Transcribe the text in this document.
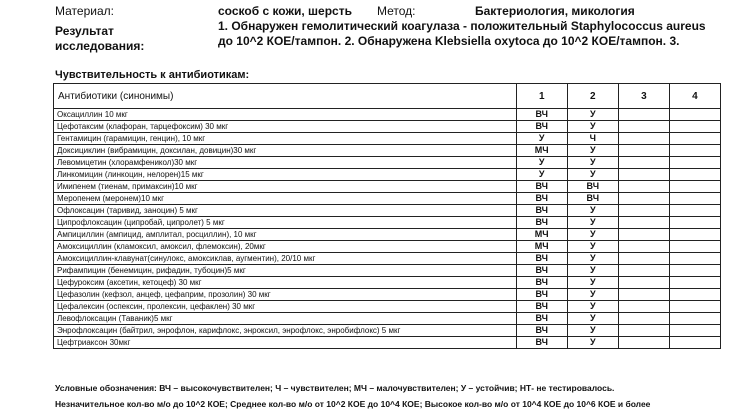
Материал:	соскоб с кожи, шерсть Метод:	Бактериология, микология
Результат исследования:
1. Обнаружен гемолитический коагулаза - положительный Staphylococcus aureus до 10^2 КОЕ/тампон. 2. Обнаружена Klebsiella oxytoca до 10^2 КОЕ/тампон. 3.
Чувствительность к антибиотикам:
Антибиотики (синонимы)	1	2	3	4
Оксациллин 10 мкг	ВЧ	У		
Цефотаксим (клафоран, тарцефоксим) 30 мкг	ВЧ	У		
Гентамицин (гарамицин, генцин), 10 мкг	У	Ч		
Доксициклин (вибрамицин, доксилан, довицин)30 мкг	МЧ	У		
Левомицетин (хлорамфеникол)30 мкг	У	У		
Линкомицин (линкоцин, нелорен)15 мкг	У	У		
Имипенем (тиенам, примаксин)10 мкг	ВЧ	ВЧ		
Меропенем (меронем)10 мкг	ВЧ	ВЧ		
Офлоксацин (таривид, заноцин) 5 мкг	ВЧ	У		
Ципрофлоксацин (ципробай, ципролет) 5 мкг	ВЧ	У		
Ампициллин (ампицид, амплитал, росциллин), 10 мкг	МЧ	У		
Амоксициллин (кламоксил, амоксил, флемоксин), 20мкг	МЧ	У		
Амоксициллин-клавунат(синулокс, амоксиклав, аугментин), 20/10 мкг	ВЧ	У		
Рифампицин (бенемицин, рифадин, тубоцин)5 мкг	ВЧ	У		
Цефуроксим (аксетин, кетоцеф) 30 мкг	ВЧ	У		
Цефазолин (кефзол, анцеф, цефаприм, прозолин) 30 мкг	ВЧ	У		
Цефалексин (оспексин, пролексин, цефаклен) 30 мкг	ВЧ	У		
Левофлоксацин (Таваник)5 мкг	ВЧ	У		
Энрофлоксацин (байтрил, энрофлон, карифлокс, энроксил, энрофлокс, энробифлокс) 5 мкг	ВЧ	У		
Цефтриаксон 30мкг	ВЧ	У		
Условные обозначения: ВЧ – высокочувствителен; Ч – чувствителен; МЧ – малочувствителен; У – устойчив; НТ- не тестировалось.
Незначительное кол-во м/о до 10^2 КОЕ; Среднее кол-во м/о от 10^2 КОЕ до 10^4 КОЕ; Высокое кол-во м/о от 10^4 КОЕ до 10^6 КОЕ и более
